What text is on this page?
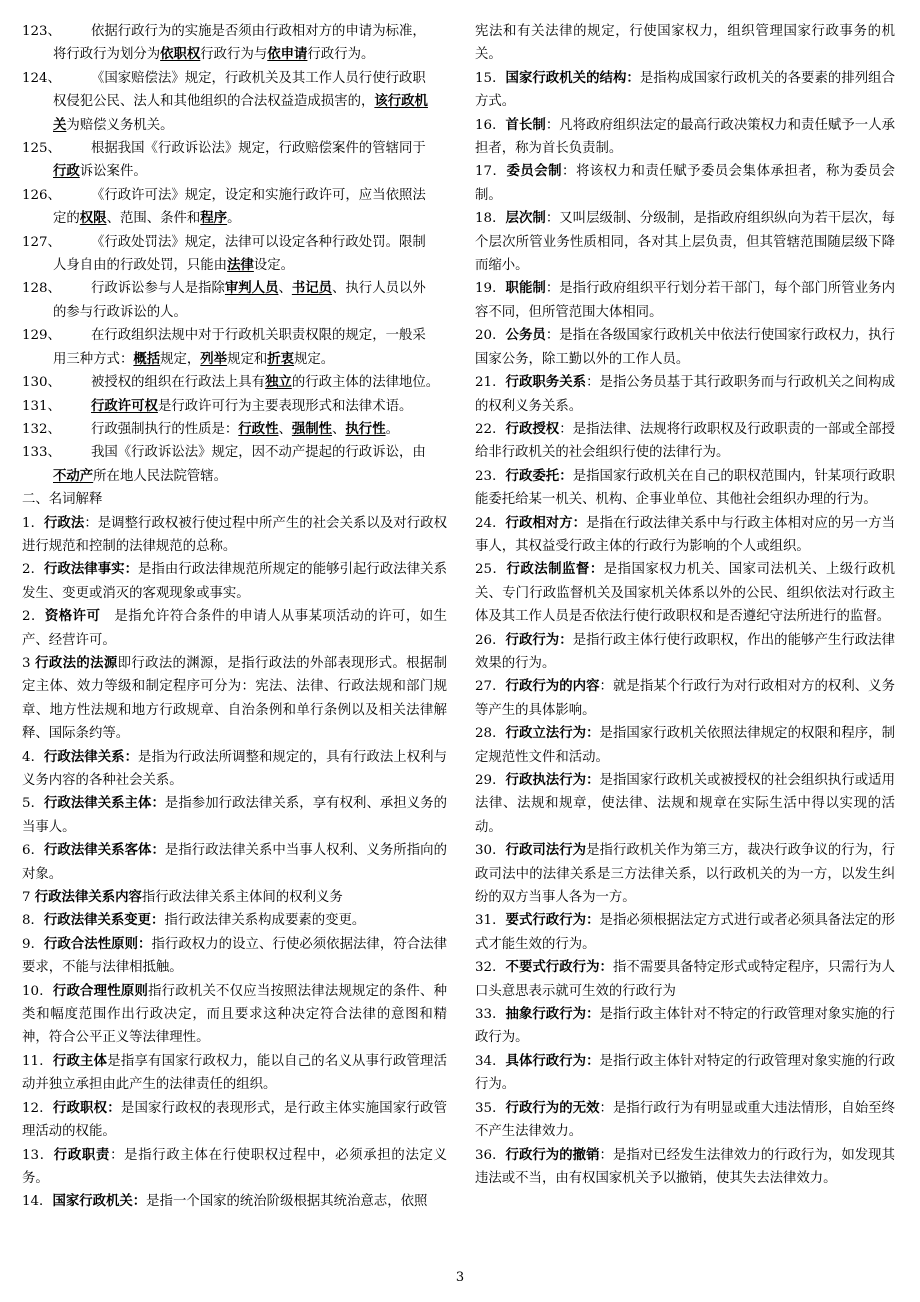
123、	依据行政行为的实施是否须由行政相对方的申请为标准，
将行政行为划分为依职权行政行为与依申请行政行为。
124、	《国家赔偿法》规定，行政机关及其工作人员行使行政职
权侵犯公民、法人和其他组织的合法权益造成损害的，该行政机
关为赔偿义务机关。
125、	根据我国《行政诉讼法》规定，行政赔偿案件的管辖同于
行政诉讼案件。
126、	《行政许可法》规定，设定和实施行政许可，应当依照法
定的权限、范围、条件和程序。
127、	《行政处罚法》规定，法律可以设定各种行政处罚。限制
人身自由的行政处罚，只能由法律设定。
128、	行政诉讼参与人是指除审判人员、书记员、执行人员以外
的参与行政诉讼的人。
129、	在行政组织法规中对于行政机关职责权限的规定，一般采
用三种方式：概括规定，列举规定和折衷规定。
130、	被授权的组织在行政法上具有独立的行政主体的法律地位。
131、	行政许可权是行政许可行为主要表现形式和法律术语。
132、	行政强制执行的性质是：行政性、强制性、执行性。
133、	我国《行政诉讼法》规定，因不动产提起的行政诉讼，由
不动产所在地人民法院管辖。

二、名词解释

1．行政法：是调整行政权被行使过程中所产生的社会关系以及对行政权进行规范和控制的法律规范的总称。

2．行政法律事实：是指由行政法律规范所规定的能够引起行政法律关系发生、变更或消灭的客观现象或事实。

2．资格许可　是指允许符合条件的申请人从事某项活动的许可，如生产、经营许可。

3 行政法的法源即行政法的渊源，是指行政法的外部表现形式。根据制定主体、效力等级和制定程序可分为：宪法、法律、行政法规和部门规章、地方性法规和地方行政规章、自治条例和单行条例以及相关法律解释、国际条约等。

4．行政法律关系：是指为行政法所调整和规定的，具有行政法上权利与义务内容的各种社会关系。

5．行政法律关系主体：是指参加行政法律关系，享有权利、承担义务的当事人。

6．行政法律关系客体：是指行政法律关系中当事人权利、义务所指向的对象。

7 行政法律关系内容指行政法律关系主体间的权利义务

8．行政法律关系变更：指行政法律关系构成要素的变更。

9．行政合法性原则：指行政权力的设立、行使必须依据法律，符合法律要求，不能与法律相抵触。

10．行政合理性原则指行政机关不仅应当按照法律法规规定的条件、种类和幅度范围作出行政决定，而且要求这种决定符合法律的意图和精神，符合公平正义等法律理性。

11．行政主体是指享有国家行政权力，能以自己的名义从事行政管理活动并独立承担由此产生的法律责任的组织。

12．行政职权：是国家行政权的表现形式，是行政主体实施国家行政管理活动的权能。

13．行政职责：是指行政主体在行使职权过程中，必须承担的法定义务。

14．国家行政机关：是指一个国家的统治阶级根据其统治意志，依照

宪法和有关法律的规定，行使国家权力，组织管理国家行政事务的机关。

15．国家行政机关的结构：是指构成国家行政机关的各要素的排列组合方式。

16．首长制：凡将政府组织法定的最高行政决策权力和责任赋予一人承担者，称为首长负责制。

17．委员会制：将该权力和责任赋予委员会集体承担者，称为委员会制。

18．层次制：又叫层级制、分级制，是指政府组织纵向为若干层次，每个层次所管业务性质相同，各对其上层负责，但其管辖范围随层级下降而缩小。

19．职能制：是指行政府组织平行划分若干部门，每个部门所管业务内容不同，但所管范围大体相同。

20．公务员：是指在各级国家行政机关中依法行使国家行政权力，执行国家公务，除工勤以外的工作人员。

21．行政职务关系：是指公务员基于其行政职务而与行政机关之间构成的权利义务关系。

22．行政授权：是指法律、法规将行政职权及行政职责的一部或全部授给非行政机关的社会组织行使的法律行为。

23．行政委托：是指国家行政机关在自己的职权范围内，针某项行政职能委托给某一机关、机构、企事业单位、其他社会组织办理的行为。

24．行政相对方：是指在行政法律关系中与行政主体相对应的另一方当事人，其权益受行政主体的行政行为影响的个人或组织。

25．行政法制监督：是指国家权力机关、国家司法机关、上级行政机关、专门行政监督机关及国家机关体系以外的公民、组织依法对行政主体及其工作人员是否依法行使行政职权和是否遵纪守法所进行的监督。

26．行政行为：是指行政主体行使行政职权，作出的能够产生行政法律效果的行为。

27．行政行为的内容：就是指某个行政行为对行政相对方的权利、义务等产生的具体影响。

28．行政立法行为：是指国家行政机关依照法律规定的权限和程序，制定规范性文件和活动。

29．行政执法行为：是指国家行政机关或被授权的社会组织执行或适用法律、法规和规章，使法律、法规和规章在实际生活中得以实现的活动。

30．行政司法行为是指行政机关作为第三方，裁决行政争议的行为，行政司法中的法律关系是三方法律关系，以行政机关的为一方，以发生纠纷的双方当事人各为一方。

31．要式行政行为：是指必须根据法定方式进行或者必须具备法定的形式才能生效的行为。

32．不要式行政行为：指不需要具备特定形式或特定程序，只需行为人口头意思表示就可生效的行政行为

33．抽象行政行为：是指行政主体针对不特定的行政管理对象实施的行政行为。

34．具体行政行为：是指行政主体针对特定的行政管理对象实施的行政行为。

35．行政行为的无效：是指行政行为有明显或重大违法情形，自始至终不产生法律效力。

36．行政行为的撤销：是指对已经发生法律效力的行政行为，如发现其违法或不当，由有权国家机关予以撤销，使其失去法律效力。

3
